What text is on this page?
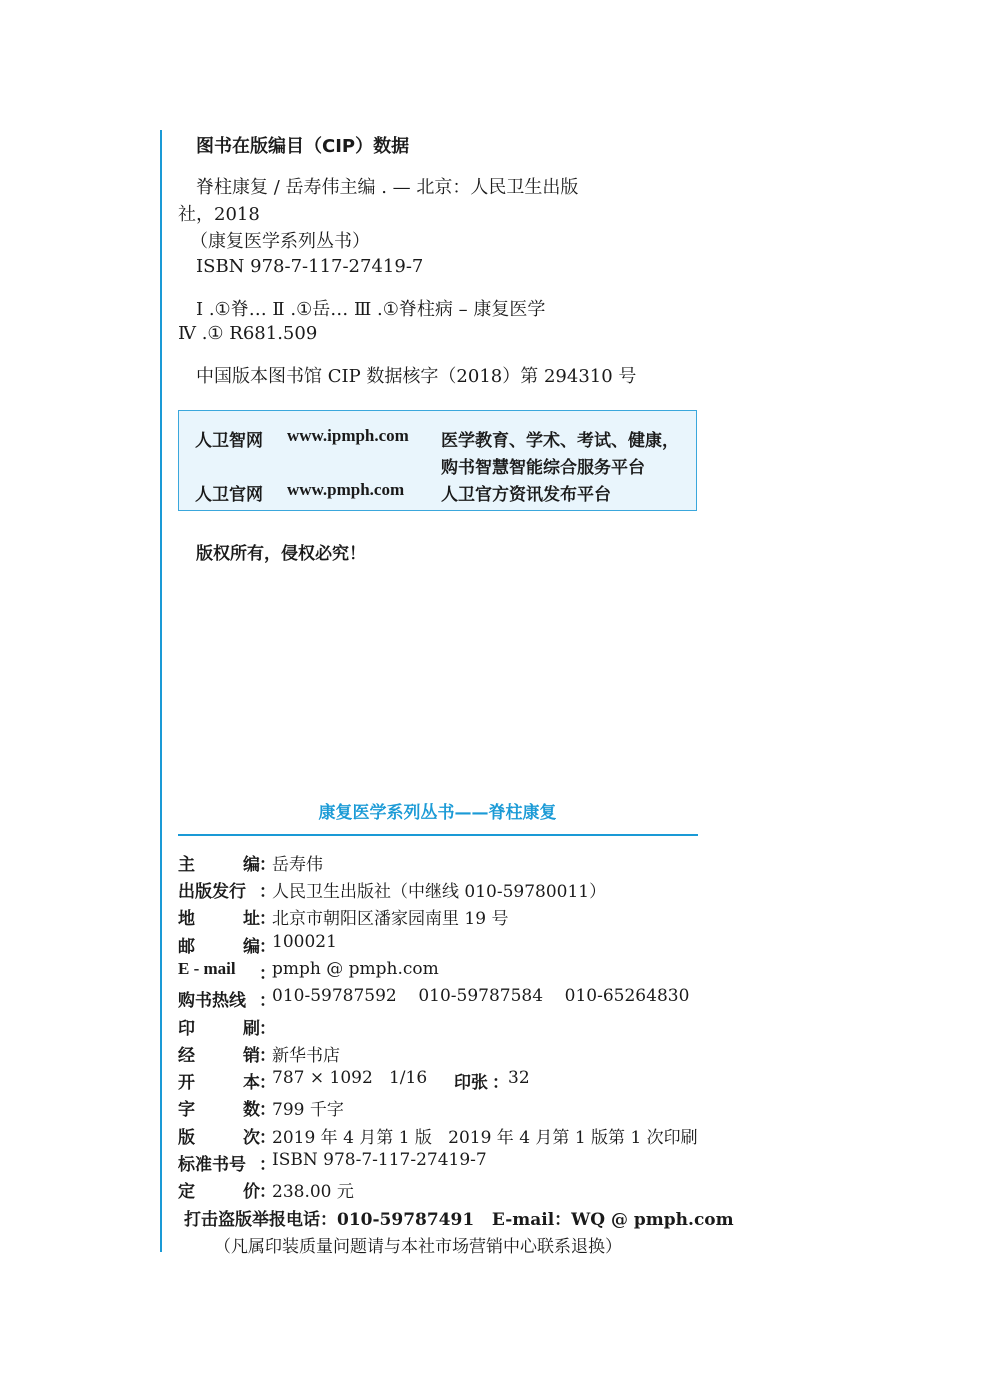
图书在版编目（CIP）数据
脊柱康复 / 岳寿伟主编 . — 北京：人民卫生出版
社，2018
（康复医学系列丛书）
ISBN 978-7-117-27419-7
Ⅰ .①脊… Ⅱ .①岳… Ⅲ .①脊柱病 – 康复医学
Ⅳ .① R681.509
中国版本图书馆 CIP 数据核字（2018）第 294310 号
人卫智网 www.ipmph.com 医学教育、学术、考试、健康，
购书智慧智能综合服务平台
人卫官网 www.pmph.com 人卫官方资讯发布平台
版权所有，侵权必究！
康复医学系列丛书——脊柱康复
主	编 ：
岳寿伟
出版发行 ：
人民卫生出版社（中继线 010-59780011）
地	址 ：
北京市朝阳区潘家园南里 19 号
邮	编 ：
100021
E - mail	：
pmph @ pmph.com
购书热线 ：
010-59787592    010-59787584    010-65264830
印	刷 ：
经	销 ：
新华书店
开	本 ：
787 × 1092   1/16 印张 ： 32
字	数 ：
799 千字
版	次 ：
2019 年 4 月第 1 版   2019 年 4 月第 1 版第 1 次印刷
标准书号 ：
ISBN 978-7-117-27419-7
定	价 ：
238.00 元
打击盗版举报电话：010-59787491   E-mail：WQ @ pmph.com
（凡属印装质量问题请与本社市场营销中心联系退换）
